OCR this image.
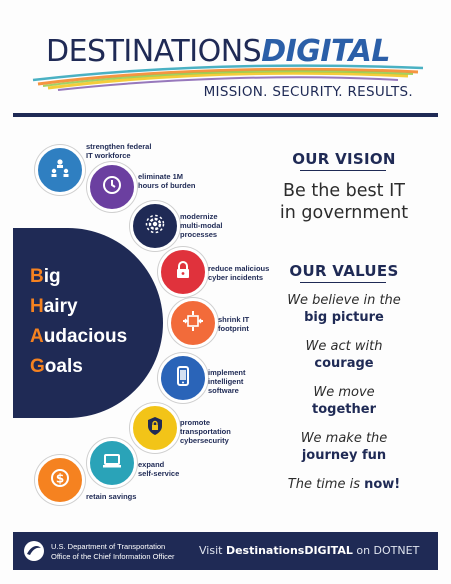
DESTINATIONSDIGITAL
MISSION. SECURITY. RESULTS.
Big
Hairy
Audacious
Goals
strengthen federal
IT workforce
eliminate 1M
hours of burden
modernize
multi-modal
processes
reduce malicious
cyber incidents
shrink IT
footprint
implement
intelligent
software
promote
transportation
cybersecurity
expand
self-service
$
retain savings
OUR VISION
Be the best IT
in government
OUR VALUES
We believe in the
big picture
We act with
courage
We move
together
We make the
journey fun
The time is now!
U.S. Department of Transportation
Office of the Chief Information Officer Visit DestinationsDIGITAL on DOTNET
